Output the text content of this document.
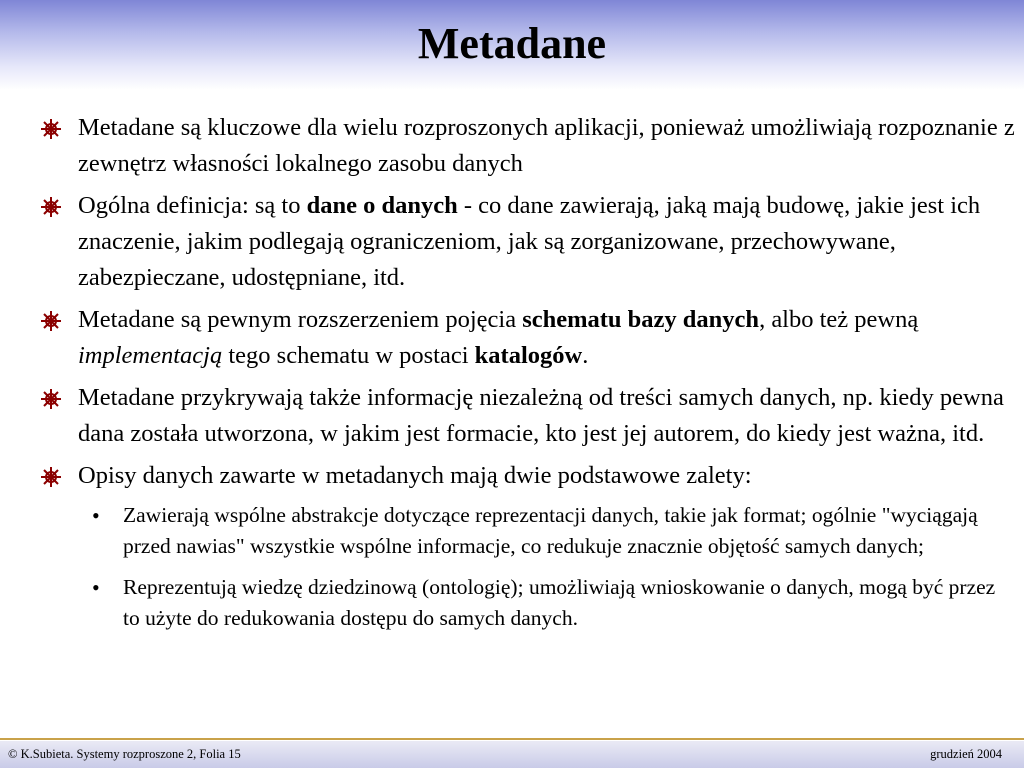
Metadane
Metadane są kluczowe dla wielu rozproszonych aplikacji, ponieważ umożliwiają rozpoznanie z zewnętrz własności lokalnego zasobu danych
Ogólna definicja: są to dane o danych - co dane zawierają, jaką mają budowę, jakie jest ich znaczenie, jakim podlegają ograniczeniom, jak są zorganizowane, przechowywane, zabezpieczane, udostępniane, itd.
Metadane są pewnym rozszerzeniem pojęcia schematu bazy danych, albo też pewną implementacją tego schematu w postaci katalogów.
Metadane przykrywają także informację niezależną od treści samych danych, np. kiedy pewna dana została utworzona, w jakim jest formacie, kto jest jej autorem, do kiedy jest ważna, itd.
Opisy danych zawarte w metadanych mają dwie podstawowe zalety:
• Zawierają wspólne abstrakcje dotyczące reprezentacji danych, takie jak format; ogólnie "wyciągają przed nawias" wszystkie wspólne informacje, co redukuje znacznie objętość samych danych;
• Reprezentują wiedzę dziedzinową (ontologię); umożliwiają wnioskowanie o danych, mogą być przez to użyte do redukowania dostępu do samych danych.
© K.Subieta. Systemy rozproszone 2, Folia 15	grudzień 2004
